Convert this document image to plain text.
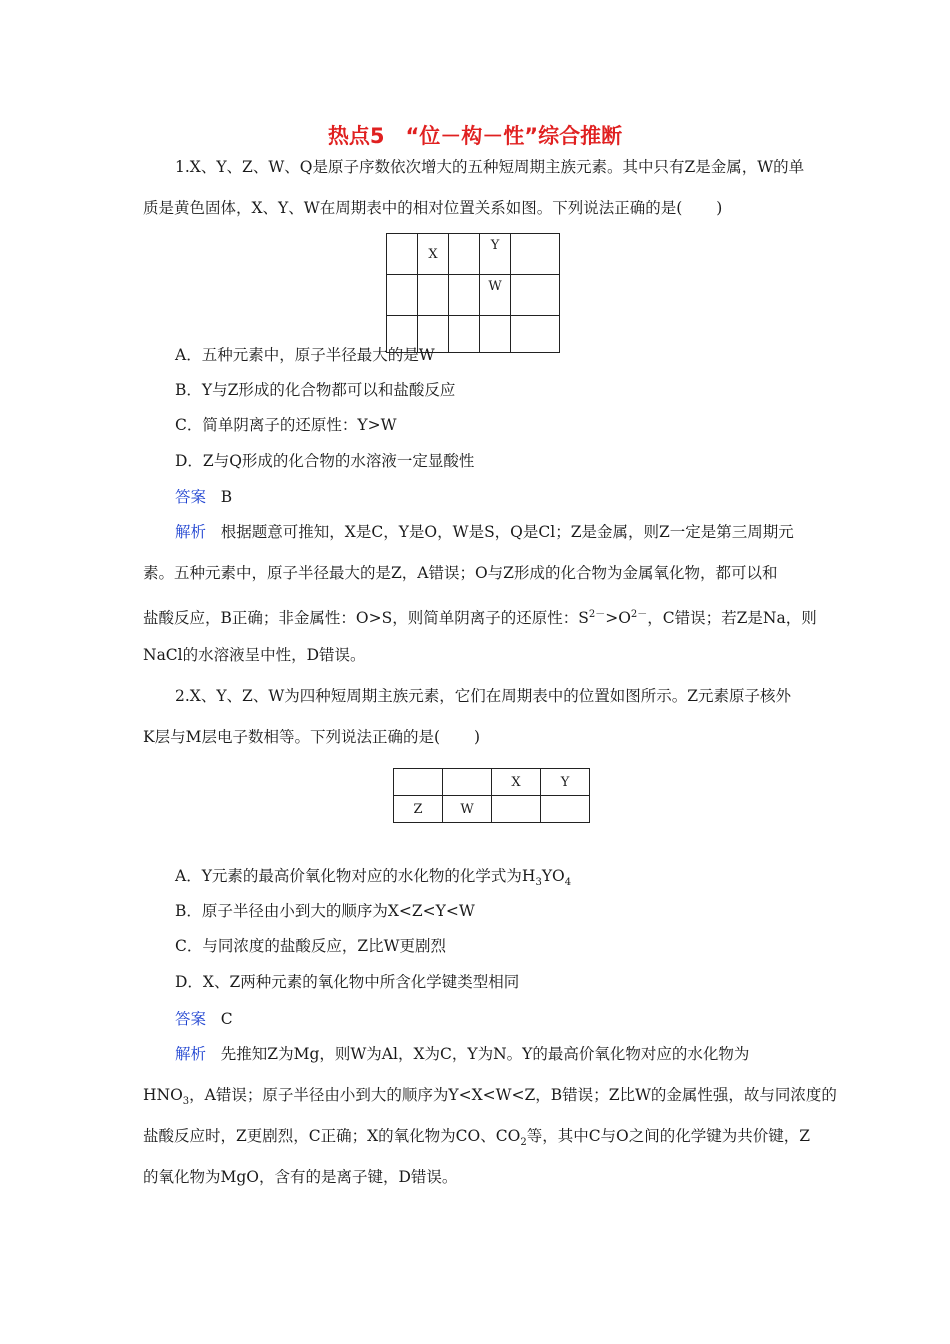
热点5　“位－构－性”综合推断
1.X、Y、Z、W、Q是原子序数依次增大的五种短周期主族元素。其中只有Z是金属，W的单
质是黄色固体，X、Y、W在周期表中的相对位置关系如图。下列说法正确的是( )
	X		Y	
			W	

A．五种元素中，原子半径最大的是W
B．Y与Z形成的化合物都可以和盐酸反应
C．简单阴离子的还原性：Y>W
D．Z与Q形成的化合物的水溶液一定显酸性
答案 B
解析 根据题意可推知，X是C，Y是O，W是S，Q是Cl；Z是金属，则Z一定是第三周期元
素。五种元素中，原子半径最大的是Z，A错误；O与Z形成的化合物为金属氧化物，都可以和
盐酸反应，B正确；非金属性：O>S，则简单阴离子的还原性：$S^{2-}>O^{2-}$，C错误；若Z是Na，则
NaCl的水溶液呈中性，D错误。
2.X、Y、Z、W为四种短周期主族元素，它们在周期表中的位置如图所示。Z元素原子核外
K层与M层电子数相等。下列说法正确的是( )
		X	Y
Z	W		
A．Y元素的最高价氧化物对应的水化物的化学式为$H_3YO_4$
B．原子半径由小到大的顺序为X<Z<Y<W
C．与同浓度的盐酸反应，Z比W更剧烈
D．X、Z两种元素的氧化物中所含化学键类型相同
答案 C
解析 先推知Z为Mg，则W为Al，X为C，Y为N。Y的最高价氧化物对应的水化物为
$HNO_3$，A错误；原子半径由小到大的顺序为Y<X<W<Z，B错误；Z比W的金属性强，故与同浓度的
盐酸反应时，Z更剧烈，C正确；X的氧化物为CO、$CO_2$等，其中C与O之间的化学键为共价键，Z
的氧化物为MgO，含有的是离子键，D错误。
